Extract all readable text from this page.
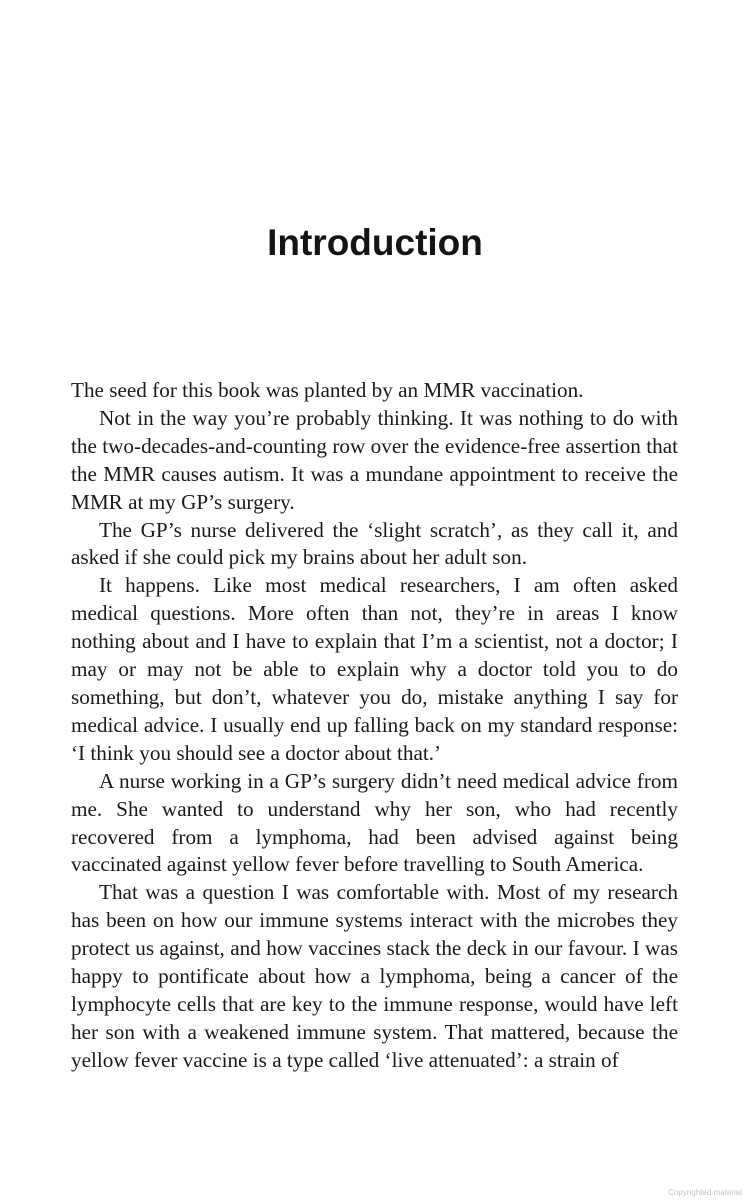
Introduction

The seed for this book was planted by an MMR vaccination.

Not in the way you’re probably thinking. It was nothing to do with the two-decades-and-counting row over the evidence-free assertion that the MMR causes autism. It was a mundane appointment to receive the MMR at my GP’s surgery.

The GP’s nurse delivered the ‘slight scratch’, as they call it, and asked if she could pick my brains about her adult son.

It happens. Like most medical researchers, I am often asked medical questions. More often than not, they’re in areas I know nothing about and I have to explain that I’m a scientist, not a doctor; I may or may not be able to explain why a doctor told you to do something, but don’t, whatever you do, mistake anything I say for medical advice. I usually end up falling back on my standard response: ‘I think you should see a doctor about that.’

A nurse working in a GP’s surgery didn’t need medical advice from me. She wanted to understand why her son, who had recently recovered from a lymphoma, had been advised against being vaccinated against yellow fever before travelling to South America.

That was a question I was comfortable with. Most of my research has been on how our immune systems interact with the microbes they protect us against, and how vaccines stack the deck in our favour. I was happy to pontificate about how a lymphoma, being a cancer of the lymphocyte cells that are key to the immune response, would have left her son with a weakened immune system. That mattered, because the yellow fever vaccine is a type called ‘live attenuated’: a strain of

Copyrighted material
